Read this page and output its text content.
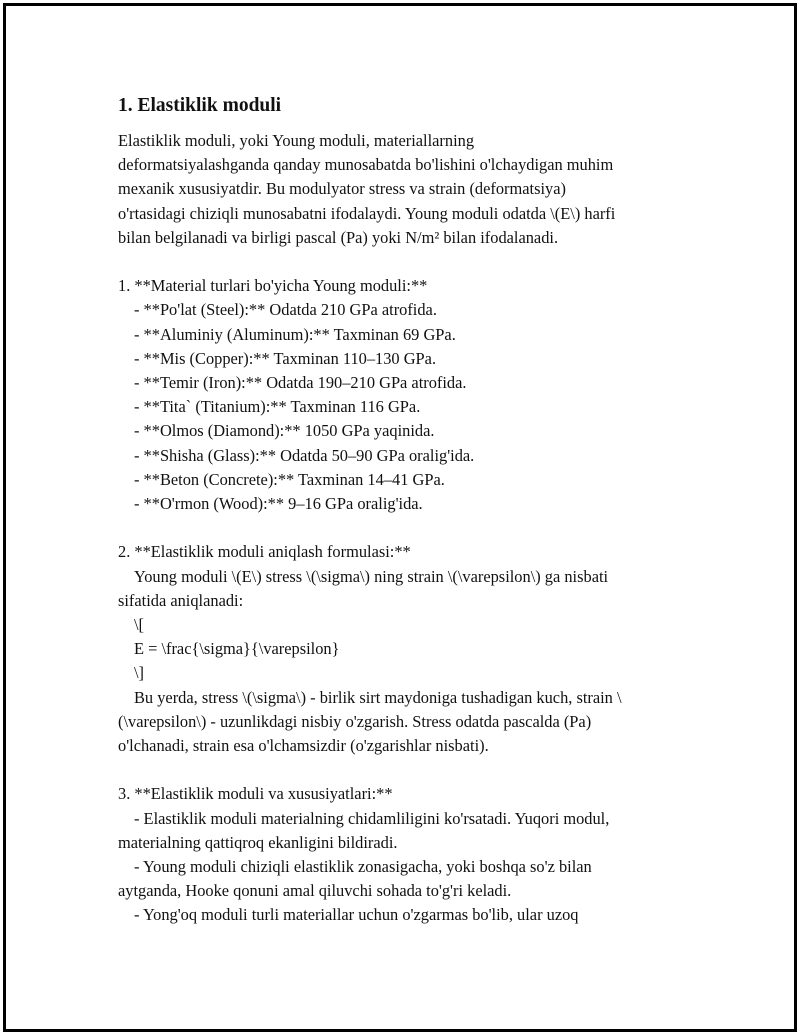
1. Elastiklik moduli
Elastiklik moduli, yoki Young moduli, materiallarning
deformatsiyalashganda qanday munosabatda bo'lishini o'lchaydigan muhim
mexanik xususiyatdir. Bu modulyator stress va strain (deformatsiya)
o'rtasidagi chiziqli munosabatni ifodalaydi. Young moduli odatda \(E\) harfi
bilan belgilanadi va birligi pascal (Pa) yoki N/m² bilan ifodalanadi.
1. **Material turlari bo'yicha Young moduli:**
- **Po'lat (Steel):** Odatda 210 GPa atrofida.
- **Aluminiy (Aluminum):** Taxminan 69 GPa.
- **Mis (Copper):** Taxminan 110–130 GPa.
- **Temir (Iron):** Odatda 190–210 GPa atrofida.
- **Tita` (Titanium):** Taxminan 116 GPa.
- **Olmos (Diamond):** 1050 GPa yaqinida.
- **Shisha (Glass):** Odatda 50–90 GPa oralig'ida.
- **Beton (Concrete):** Taxminan 14–41 GPa.
- **O'rmon (Wood):** 9–16 GPa oralig'ida.
2. **Elastiklik moduli aniqlash formulasi:**
Young moduli \(E\) stress \(\sigma\) ning strain \(\varepsilon\) ga nisbati
sifatida aniqlanadi:
\[
E = \frac{\sigma}{\varepsilon}
\]
Bu yerda, stress \(\sigma\) - birlik sirt maydoniga tushadigan kuch, strain \
(\varepsilon\) - uzunlikdagi nisbiy o'zgarish. Stress odatda pascalda (Pa)
o'lchanadi, strain esa o'lchamsizdir (o'zgarishlar nisbati).
3. **Elastiklik moduli va xususiyatlari:**
- Elastiklik moduli materialning chidamliligini ko'rsatadi. Yuqori modul,
materialning qattiqroq ekanligini bildiradi.
- Young moduli chiziqli elastiklik zonasigacha, yoki boshqa so'z bilan
aytganda, Hooke qonuni amal qiluvchi sohada to'g'ri keladi.
- Yong'oq moduli turli materiallar uchun o'zgarmas bo'lib, ular uzoq
